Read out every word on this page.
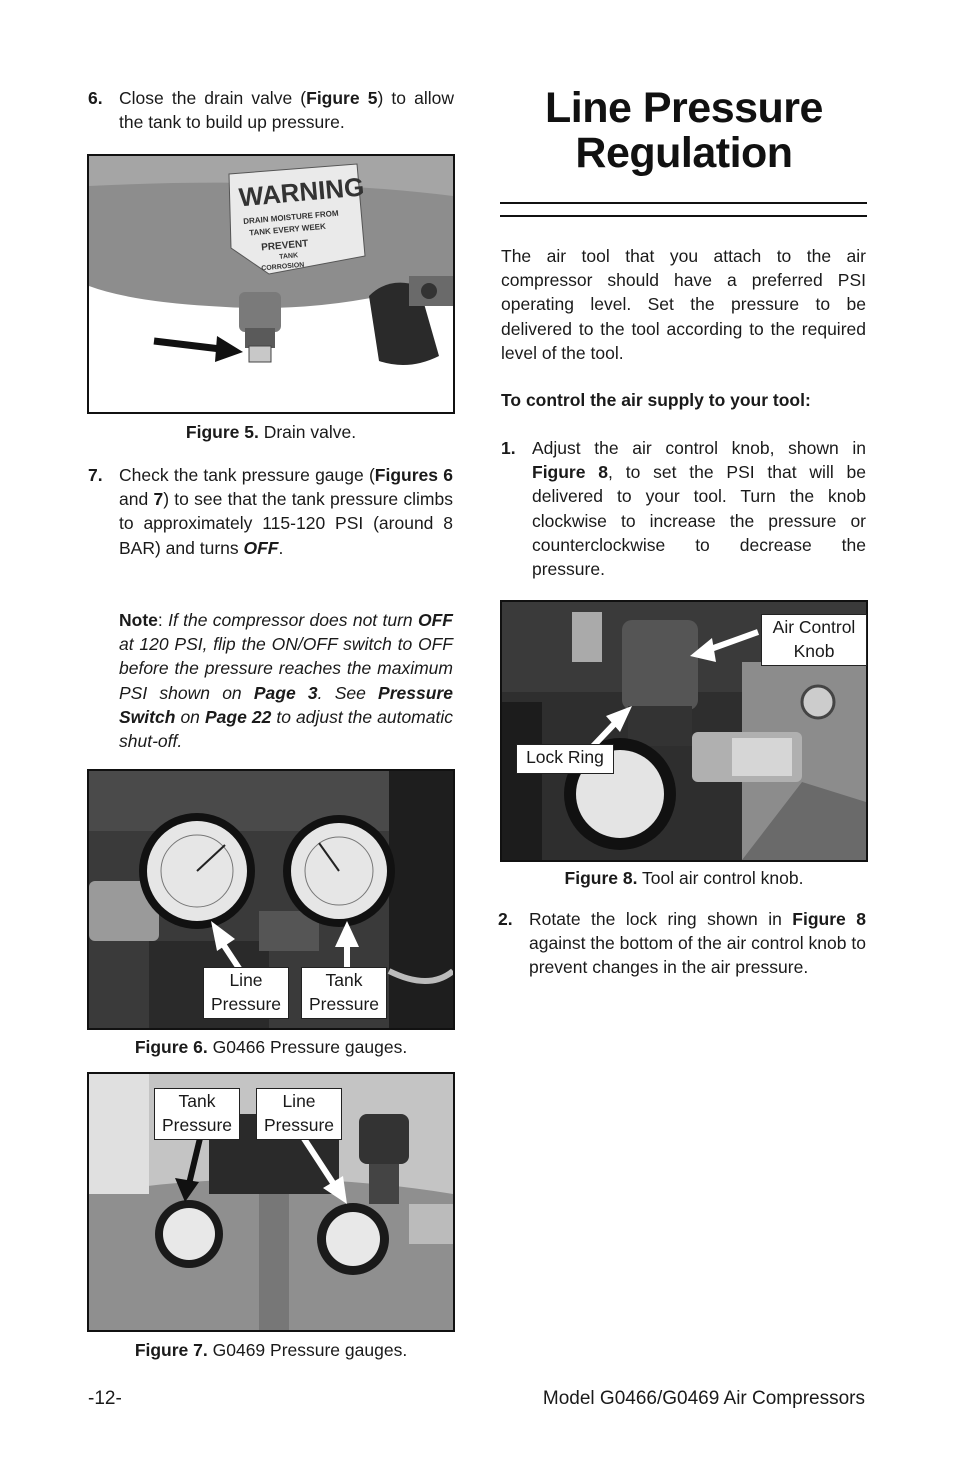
6. Close the drain valve (Figure 5) to allow the tank to build up pressure.
WARNING
DRAIN MOISTURE FROM
TANK EVERY WEEK
PREVENT
TANK
CORROSION
Figure 5. Drain valve.
7. Check the tank pressure gauge (Figures 6 and 7) to see that the tank pressure climbs to approximately 115-120 PSI (around 8 BAR) and turns OFF.
Note: If the compressor does not turn OFF at 120 PSI, flip the ON/OFF switch to OFF before the pressure reaches the maximum PSI shown on Page 3. See Pressure Switch on Page 22 to adjust the automatic shut-off.
Line
Pressure
Tank
Pressure
Figure 6. G0466 Pressure gauges.
Tank
Pressure
Line
Pressure
Figure 7. G0469 Pressure gauges.
Line Pressure
Regulation
The air tool that you attach to the air compressor should have a preferred PSI operating level. Set the pressure to be delivered to the tool according to the required level of the tool.
To control the air supply to your tool:
1. Adjust the air control knob, shown in Figure 8, to set the PSI that will be delivered to your tool. Turn the knob clockwise to increase the pressure or counterclockwise to decrease the pressure.
Air Control
Knob
Lock Ring
Figure 8. Tool air control knob.
2. Rotate the lock ring shown in Figure 8 against the bottom of the air control knob to prevent changes in the air pressure.
-12-	Model G0466/G0469 Air Compressors
